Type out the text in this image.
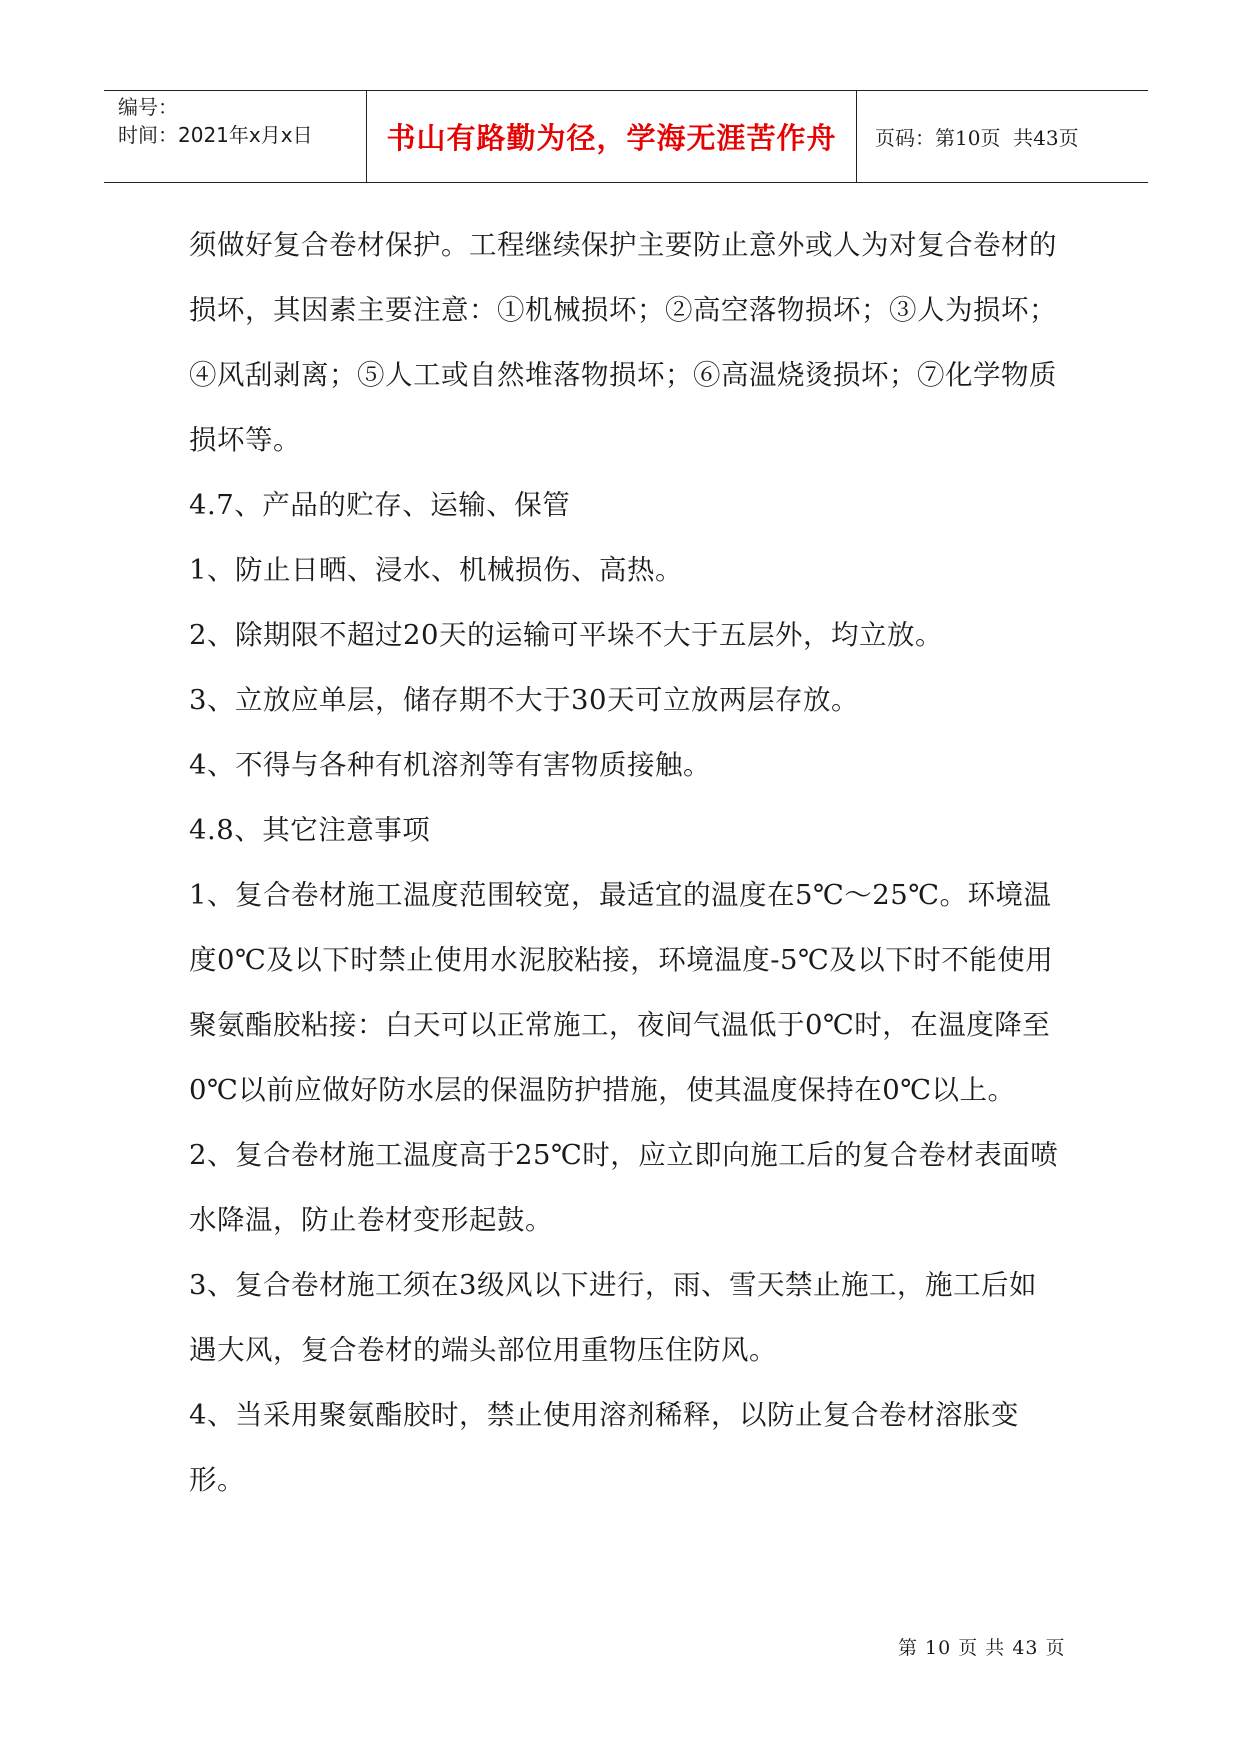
编号：
时间：2021年x月x日	书山有路勤为径，学海无涯苦作舟	页码：第10页  共43页

须做好复合卷材保护。工程继续保护主要防止意外或人为对复合卷材的损坏，其因素主要注意：①机械损坏；②高空落物损坏；③人为损坏；④风刮剥离；⑤人工或自然堆落物损坏；⑥高温烧烫损坏；⑦化学物质损坏等。

4.7、产品的贮存、运输、保管

1、防止日晒、浸水、机械损伤、高热。

2、除期限不超过20天的运输可平垛不大于五层外，均立放。

3、立放应单层，储存期不大于30天可立放两层存放。

4、不得与各种有机溶剂等有害物质接触。

4.8、其它注意事项

1、复合卷材施工温度范围较宽，最适宜的温度在5℃～25℃。环境温度0℃及以下时禁止使用水泥胶粘接，环境温度-5℃及以下时不能使用聚氨酯胶粘接：白天可以正常施工，夜间气温低于0℃时，在温度降至0℃以前应做好防水层的保温防护措施，使其温度保持在0℃以上。

2、复合卷材施工温度高于25℃时，应立即向施工后的复合卷材表面喷水降温，防止卷材变形起鼓。

3、复合卷材施工须在3级风以下进行，雨、雪天禁止施工，施工后如遇大风，复合卷材的端头部位用重物压住防风。

4、当采用聚氨酯胶时，禁止使用溶剂稀释，以防止复合卷材溶胀变形。

第 10 页 共 43 页
